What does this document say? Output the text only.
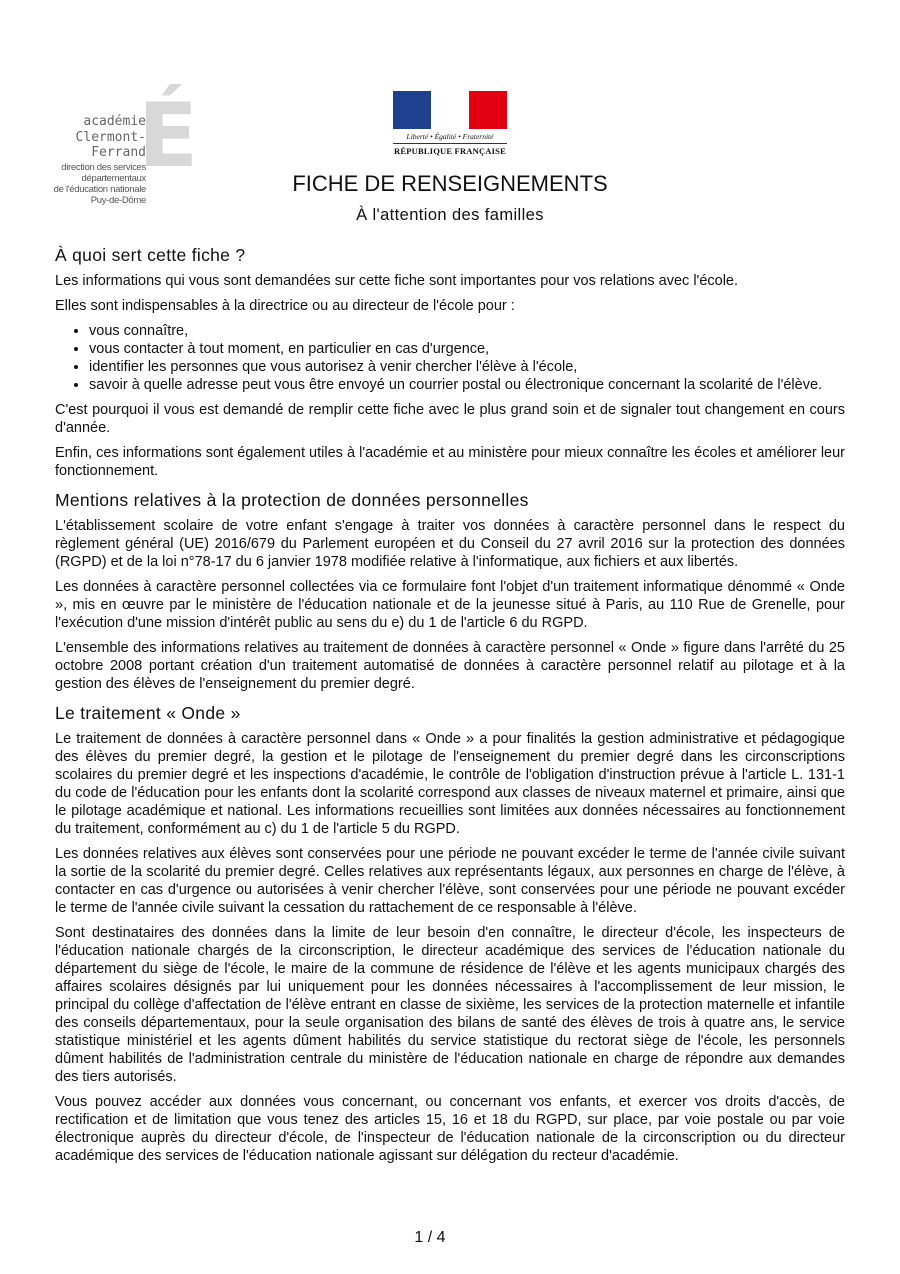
É
académie
Clermont-Ferrand
direction des services
départementaux
de l'éducation nationale
Puy-de-Dôme
Liberté • Égalité • Fraternité
RÉPUBLIQUE FRANÇAISE
FICHE DE RENSEIGNEMENTS
À l'attention des familles
À quoi sert cette fiche ?

Les informations qui vous sont demandées sur cette fiche sont importantes pour vos relations avec l'école.

Elles sont indispensables à la directrice ou au directeur de l'école pour :

• vous connaître,
• vous contacter à tout moment, en particulier en cas d'urgence,
• identifier les personnes que vous autorisez à venir chercher l'élève à l'école,
• savoir à quelle adresse peut vous être envoyé un courrier postal ou électronique concernant la scolarité de l'élève.

C'est pourquoi il vous est demandé de remplir cette fiche avec le plus grand soin et de signaler tout changement en cours d'année.

Enfin, ces informations sont également utiles à l'académie et au ministère pour mieux connaître les écoles et améliorer leur fonctionnement.

Mentions relatives à la protection de données personnelles

L'établissement scolaire de votre enfant s'engage à traiter vos données à caractère personnel dans le respect du règlement général (UE) 2016/679 du Parlement européen et du Conseil du 27 avril 2016 sur la protection des données (RGPD) et de la loi n°78-17 du 6 janvier 1978 modifiée relative à l'informatique, aux fichiers et aux libertés.

Les données à caractère personnel collectées via ce formulaire font l'objet d'un traitement informatique dénommé « Onde », mis en œuvre par le ministère de l'éducation nationale et de la jeunesse situé à Paris, au 110 Rue de Grenelle, pour l'exécution d'une mission d'intérêt public au sens du e) du 1 de l'article 6 du RGPD.

L'ensemble des informations relatives au traitement de données à caractère personnel « Onde » figure dans l'arrêté du 25 octobre 2008 portant création d'un traitement automatisé de données à caractère personnel relatif au pilotage et à la gestion des élèves de l'enseignement du premier degré.

Le traitement « Onde »

Le traitement de données à caractère personnel dans « Onde » a pour finalités la gestion administrative et pédagogique des élèves du premier degré, la gestion et le pilotage de l'enseignement du premier degré dans les circonscriptions scolaires du premier degré et les inspections d'académie, le contrôle de l'obligation d'instruction prévue à l'article L. 131-1 du code de l'éducation pour les enfants dont la scolarité correspond aux classes de niveaux maternel et primaire, ainsi que le pilotage académique et national. Les informations recueillies sont limitées aux données nécessaires au fonctionnement du traitement, conformément au c) du 1 de l'article 5 du RGPD.

Les données relatives aux élèves sont conservées pour une période ne pouvant excéder le terme de l'année civile suivant la sortie de la scolarité du premier degré. Celles relatives aux représentants légaux, aux personnes en charge de l'élève, à contacter en cas d'urgence ou autorisées à venir chercher l'élève, sont conservées pour une période ne pouvant excéder le terme de l'année civile suivant la cessation du rattachement de ce responsable à l'élève.

Sont destinataires des données dans la limite de leur besoin d'en connaître, le directeur d'école, les inspecteurs de l'éducation nationale chargés de la circonscription, le directeur académique des services de l'éducation nationale du département du siège de l'école, le maire de la commune de résidence de l'élève et les agents municipaux chargés des affaires scolaires désignés par lui uniquement pour les données nécessaires à l'accomplissement de leur mission, le principal du collège d'affectation de l'élève entrant en classe de sixième, les services de la protection maternelle et infantile des conseils départementaux, pour la seule organisation des bilans de santé des élèves de trois à quatre ans, le service statistique ministériel et les agents dûment habilités du service statistique du rectorat siège de l'école, les personnels dûment habilités de l'administration centrale du ministère de l'éducation nationale en charge de répondre aux demandes des tiers autorisés.

Vous pouvez accéder aux données vous concernant, ou concernant vos enfants, et exercer vos droits d'accès, de rectification et de limitation que vous tenez des articles 15, 16 et 18 du RGPD, sur place, par voie postale ou par voie électronique auprès du directeur d'école, de l'inspecteur de l'éducation nationale de la circonscription ou du directeur académique des services de l'éducation nationale agissant sur délégation du recteur d'académie.

1 / 4
